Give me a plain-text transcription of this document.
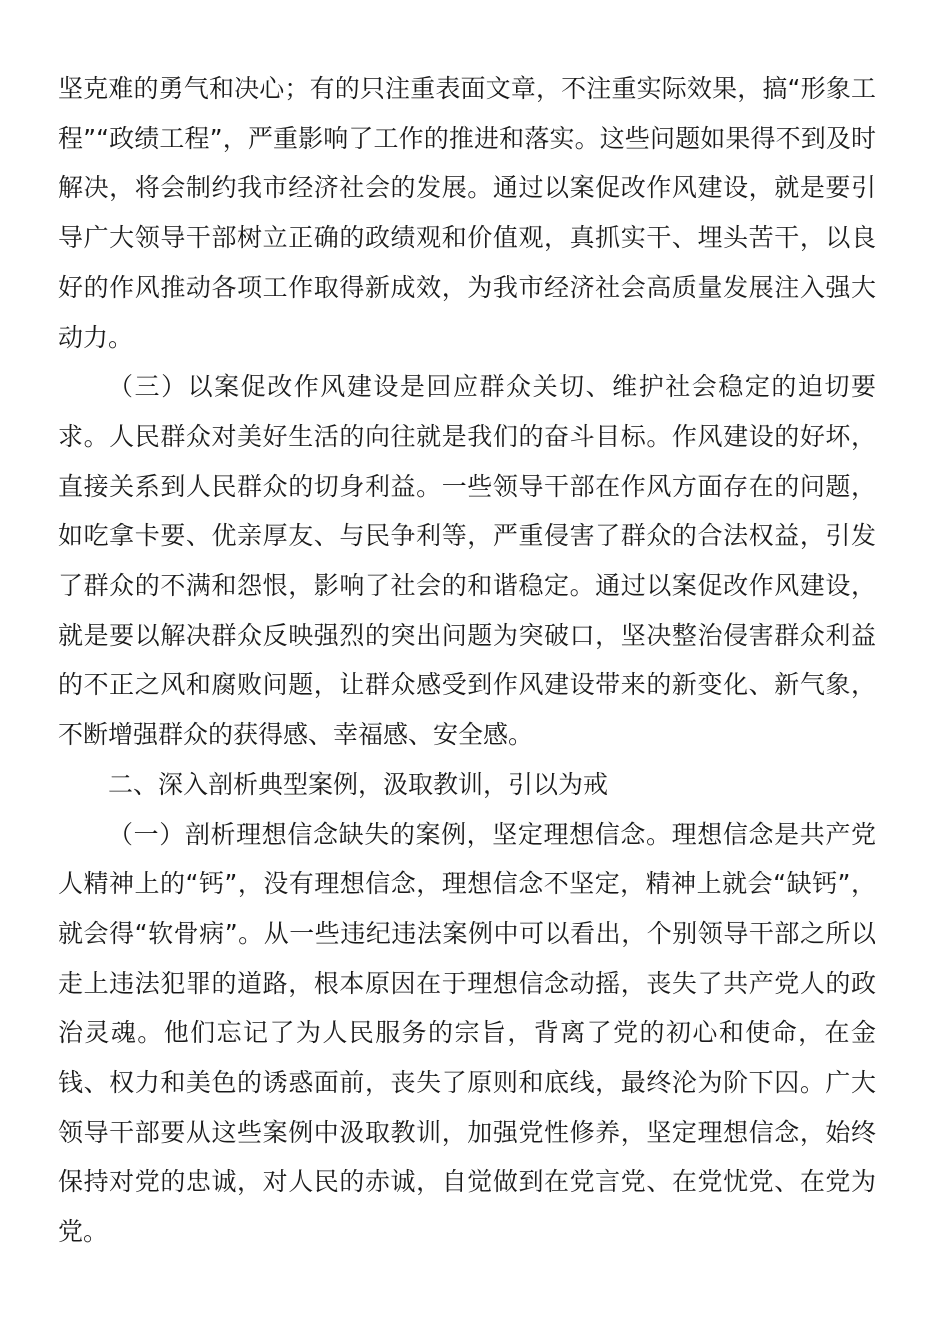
坚克难的勇气和决心；有的只注重表面文章，不注重实际效果，搞“形象工程”“政绩工程”，严重影响了工作的推进和落实。这些问题如果得不到及时解决，将会制约我市经济社会的发展。通过以案促改作风建设，就是要引导广大领导干部树立正确的政绩观和价值观，真抓实干、埋头苦干，以良好的作风推动各项工作取得新成效，为我市经济社会高质量发展注入强大动力。

（三）以案促改作风建设是回应群众关切、维护社会稳定的迫切要求。人民群众对美好生活的向往就是我们的奋斗目标。作风建设的好坏，直接关系到人民群众的切身利益。一些领导干部在作风方面存在的问题，如吃拿卡要、优亲厚友、与民争利等，严重侵害了群众的合法权益，引发了群众的不满和怨恨，影响了社会的和谐稳定。通过以案促改作风建设，就是要以解决群众反映强烈的突出问题为突破口，坚决整治侵害群众利益的不正之风和腐败问题，让群众感受到作风建设带来的新变化、新气象，不断增强群众的获得感、幸福感、安全感。

二、深入剖析典型案例，汲取教训，引以为戒

（一）剖析理想信念缺失的案例，坚定理想信念。理想信念是共产党人精神上的“钙”，没有理想信念，理想信念不坚定，精神上就会“缺钙”，就会得“软骨病”。从一些违纪违法案例中可以看出，个别领导干部之所以走上违法犯罪的道路，根本原因在于理想信念动摇，丧失了共产党人的政治灵魂。他们忘记了为人民服务的宗旨，背离了党的初心和使命，在金钱、权力和美色的诱惑面前，丧失了原则和底线，最终沦为阶下囚。广大领导干部要从这些案例中汲取教训，加强党性修养，坚定理想信念，始终保持对党的忠诚，对人民的赤诚，自觉做到在党言党、在党忧党、在党为党。
